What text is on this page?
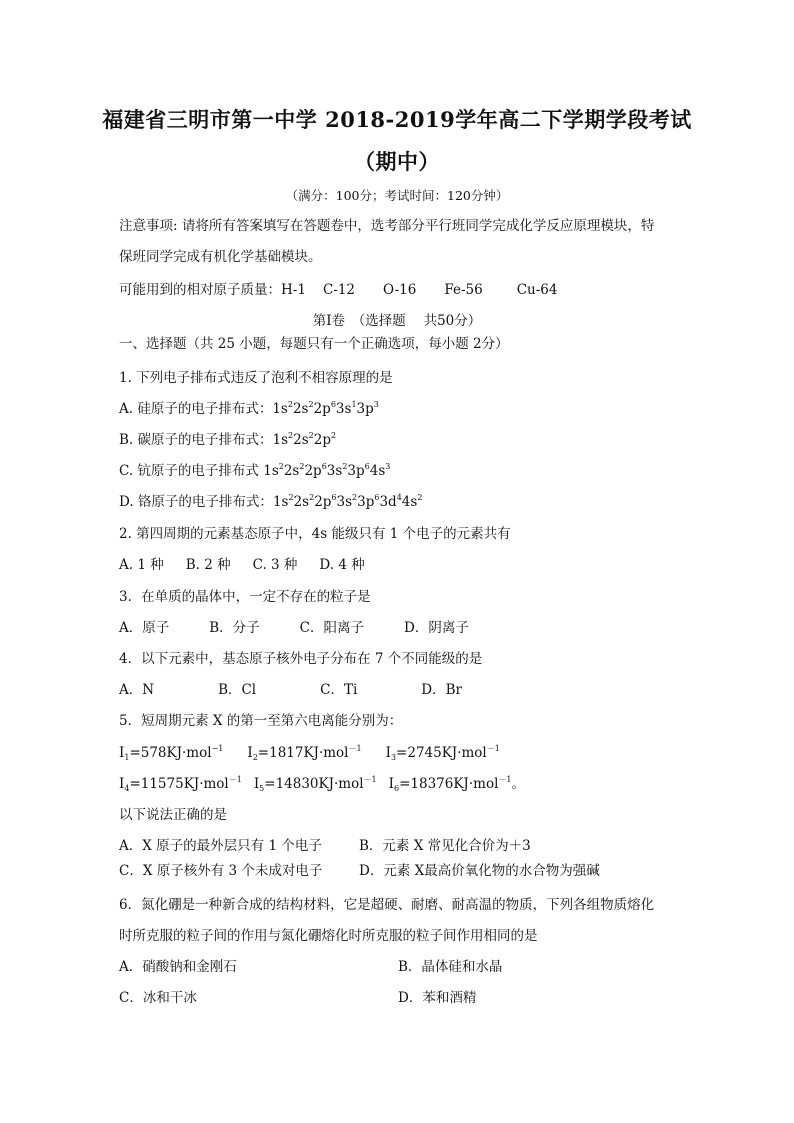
福建省三明市第一中学 2018-2019学年高二下学期学段考试
（期中）
（满分：100分；考试时间：120分钟）
注意事项: 请将所有答案填写在答题卷中，选考部分平行班同学完成化学反应原理模块，特
保班同学完成有机化学基础模块。
可能用到的相对原子质量：H-1 C-12 O-16 Fe-56	Cu-64
第Ⅰ卷　（选择题　 共50分）
一、选择题（共 25 小题，每题只有一个正确选项，每小题 2分）
1. 下列电子排布式违反了泡利不相容原理的是
A. 硅原子的电子排布式：$1s^22s^22p^63s^13p^3$
B. 碳原子的电子排布式：$1s^22s^22p^2$
C. 钪原子的电子排布式 $1s^22s^22p^63s^23p^64s^3$
D. 铬原子的电子排布式：$1s^22s^22p^63s^23p^63d^44s^2$
2. 第四周期的元素基态原子中，4s 能级只有 1 个电子的元素共有
A. 1 种 B. 2 种 C. 3 种 D. 4 种
3．在单质的晶体中，一定不存在的粒子是
A．原子	B．分子	C．阳离子	D．阴离子
4．以下元素中，基态原子核外电子分布在 7 个不同能级的是
A．N	B．Cl	C．Ti	D．Br
5．短周期元素 X 的第一至第六电离能分别为：
$I_1=578KJ\cdot mol^{-1}$ $I_2=1817KJ\cdot mol^{-1}$ $I_3=2745KJ\cdot mol^{-1}$
$I_4=11575KJ\cdot mol^{-1}$ $I_5=14830KJ\cdot mol^{-1}$ $I_6=18376KJ\cdot mol^{-1}$。
以下说法正确的是
A．X 原子的最外层只有 1 个电子	B．元素 X 常见化合价为＋3
C．X 原子核外有 3 个未成对电子	D．元素 X最高价氧化物的水合物为强碱
6．氮化硼是一种新合成的结构材料，它是超硬、耐磨、耐高温的物质，下列各组物质熔化
时所克服的粒子间的作用与氮化硼熔化时所克服的粒子间作用相同的是
A．硝酸钠和金刚石	B．晶体硅和水晶
C．冰和干冰	D．苯和酒精
